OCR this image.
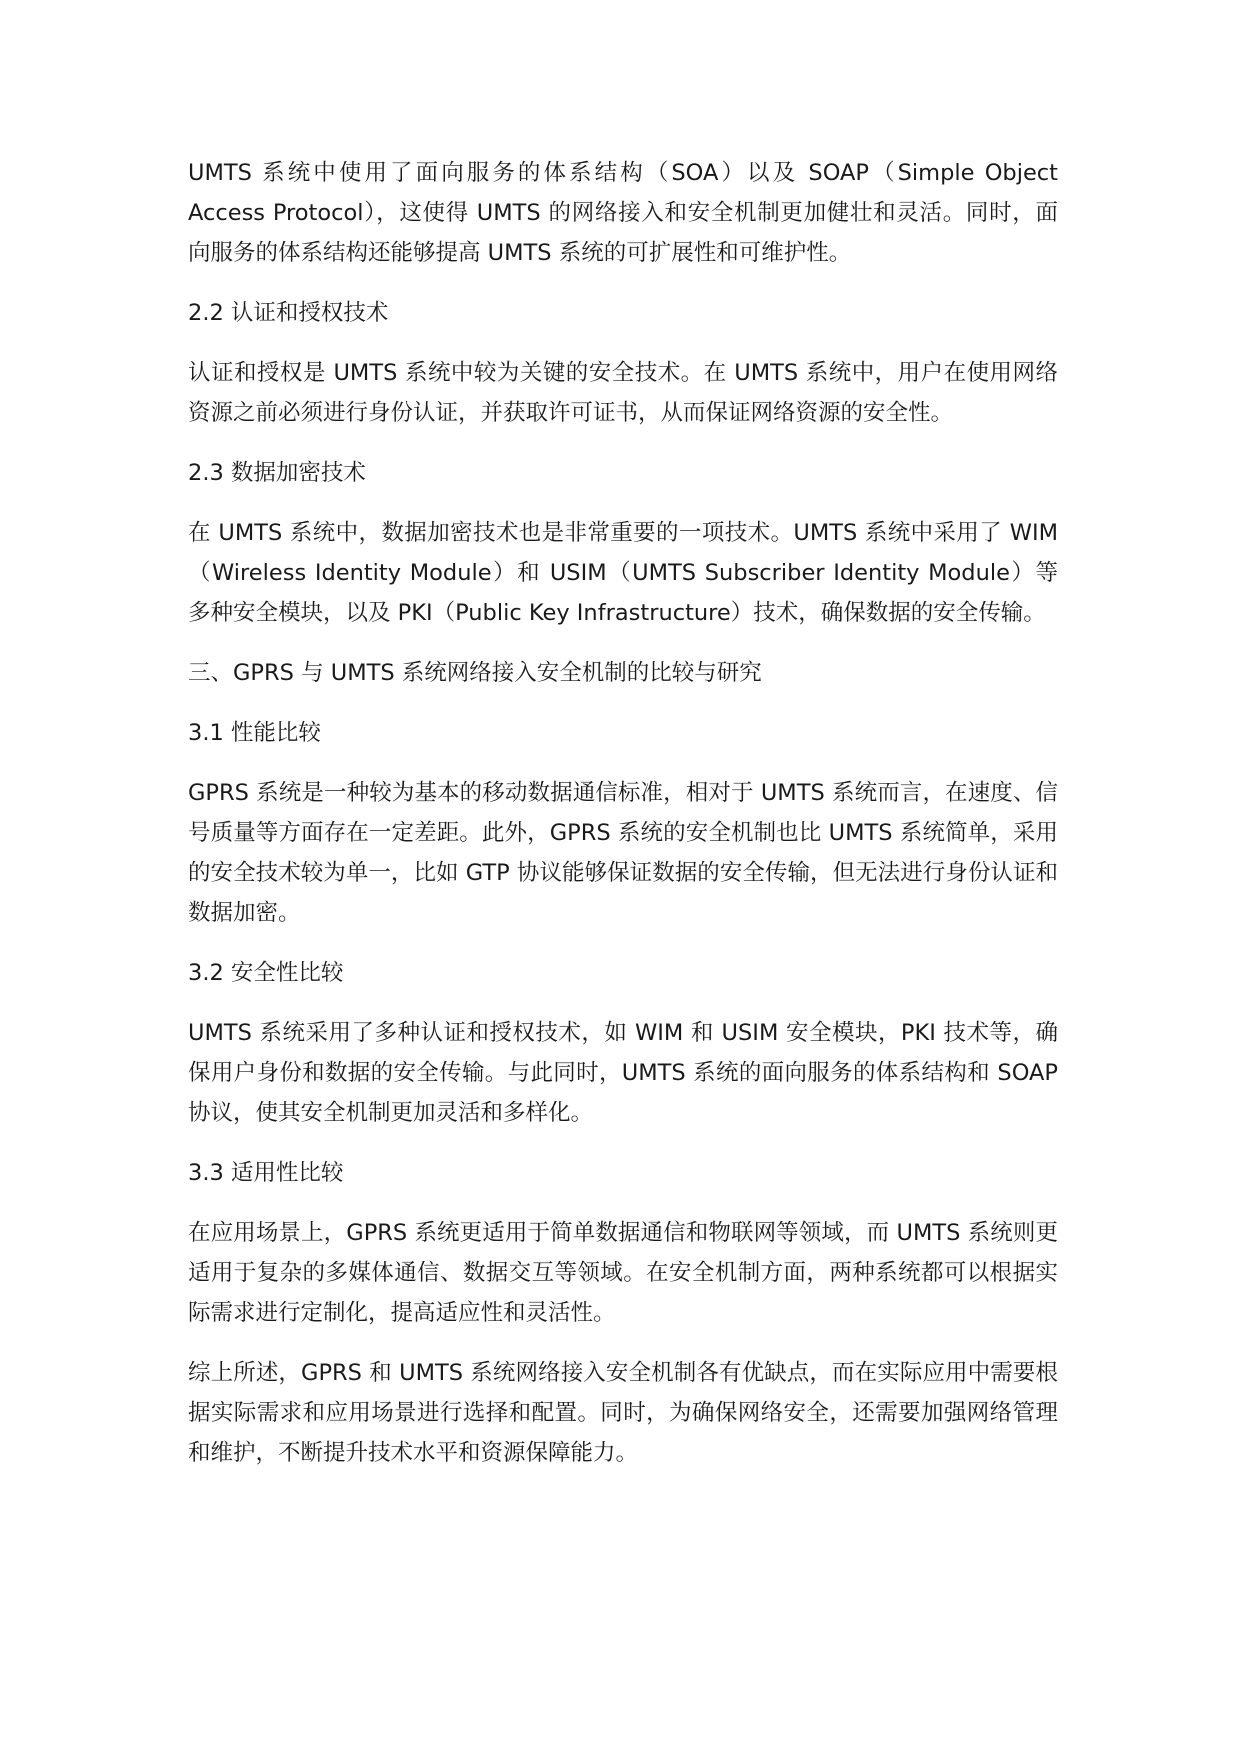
UMTS 系统中使用了面向服务的体系结构（SOA）以及 SOAP（Simple Object Access Protocol），这使得 UMTS 的网络接入和安全机制更加健壮和灵活。同时，面向服务的体系结构还能够提高 UMTS 系统的可扩展性和可维护性。

2.2 认证和授权技术

认证和授权是 UMTS 系统中较为关键的安全技术。在 UMTS 系统中，用户在使用网络资源之前必须进行身份认证，并获取许可证书，从而保证网络资源的安全性。

2.3 数据加密技术

在 UMTS 系统中，数据加密技术也是非常重要的一项技术。UMTS 系统中采用了 WIM（Wireless Identity Module）和 USIM（UMTS Subscriber Identity Module）等多种安全模块，以及 PKI（Public Key Infrastructure）技术，确保数据的安全传输。

三、GPRS 与 UMTS 系统网络接入安全机制的比较与研究

3.1 性能比较

GPRS 系统是一种较为基本的移动数据通信标准，相对于 UMTS 系统而言，在速度、信号质量等方面存在一定差距。此外，GPRS 系统的安全机制也比 UMTS 系统简单，采用的安全技术较为单一，比如 GTP 协议能够保证数据的安全传输，但无法进行身份认证和数据加密。

3.2 安全性比较

UMTS 系统采用了多种认证和授权技术，如 WIM 和 USIM 安全模块，PKI 技术等，确保用户身份和数据的安全传输。与此同时，UMTS 系统的面向服务的体系结构和 SOAP 协议，使其安全机制更加灵活和多样化。

3.3 适用性比较

在应用场景上，GPRS 系统更适用于简单数据通信和物联网等领域，而 UMTS 系统则更适用于复杂的多媒体通信、数据交互等领域。在安全机制方面，两种系统都可以根据实际需求进行定制化，提高适应性和灵活性。

综上所述，GPRS 和 UMTS 系统网络接入安全机制各有优缺点，而在实际应用中需要根据实际需求和应用场景进行选择和配置。同时，为确保网络安全，还需要加强网络管理和维护，不断提升技术水平和资源保障能力。
